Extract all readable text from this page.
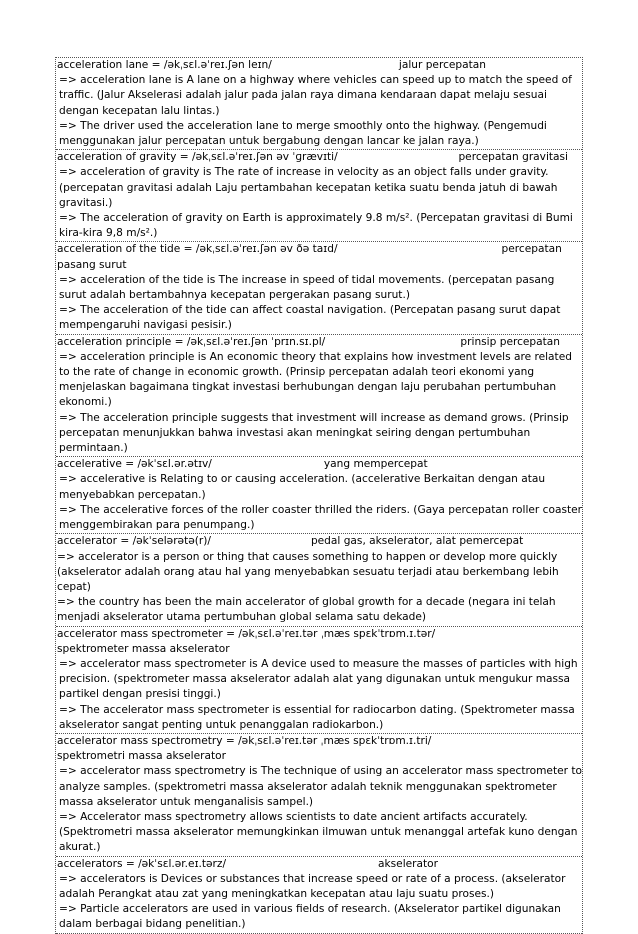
acceleration lane = /əkˌsɛl.əˈreɪ.ʃən leɪn/	jalur percepatan

=> acceleration lane is A lane on a highway where vehicles can speed up to match the speed of traffic. (Jalur Akselerasi adalah jalur pada jalan raya dimana kendaraan dapat melaju sesuai dengan kecepatan lalu lintas.)

=> The driver used the acceleration lane to merge smoothly onto the highway. (Pengemudi menggunakan jalur percepatan untuk bergabung dengan lancar ke jalan raya.)

acceleration of gravity = /əkˌsɛl.əˈreɪ.ʃən əv ˈɡrævɪti/	percepatan gravitasi

=> acceleration of gravity is The rate of increase in velocity as an object falls under gravity. (percepatan gravitasi adalah Laju pertambahan kecepatan ketika suatu benda jatuh di bawah gravitasi.)

=> The acceleration of gravity on Earth is approximately 9.8 m/s². (Percepatan gravitasi di Bumi kira-kira 9,8 m/s².)

acceleration of the tide = /əkˌsɛl.əˈreɪ.ʃən əv ðə taɪd/	percepatan pasang surut

=> acceleration of the tide is The increase in speed of tidal movements. (percepatan pasang surut adalah bertambahnya kecepatan pergerakan pasang surut.)

=> The acceleration of the tide can affect coastal navigation. (Percepatan pasang surut dapat mempengaruhi navigasi pesisir.)

acceleration principle = /əkˌsɛl.əˈreɪ.ʃən ˈprɪn.sɪ.pl/	prinsip percepatan

=> acceleration principle is An economic theory that explains how investment levels are related to the rate of change in economic growth. (Prinsip percepatan adalah teori ekonomi yang menjelaskan bagaimana tingkat investasi berhubungan dengan laju perubahan pertumbuhan ekonomi.)

=> The acceleration principle suggests that investment will increase as demand grows. (Prinsip percepatan menunjukkan bahwa investasi akan meningkat seiring dengan pertumbuhan permintaan.)

accelerative = /əkˈsɛl.ər.ətɪv/	yang mempercepat

=> accelerative is Relating to or causing acceleration. (accelerative Berkaitan dengan atau menyebabkan percepatan.)

=> The accelerative forces of the roller coaster thrilled the riders. (Gaya percepatan roller coaster menggembirakan para penumpang.)

accelerator = /əkˈselərətə(r)/	pedal gas, akselerator, alat pemercepat

=> accelerator is a person or thing that causes something to happen or develop more quickly (akselerator adalah orang atau hal yang menyebabkan sesuatu terjadi atau berkembang lebih cepat)

=> the country has been the main accelerator of global growth for a decade (negara ini telah menjadi akselerator utama pertumbuhan global selama satu dekade)

accelerator mass spectrometer = /əkˌsɛl.əˈreɪ.tər ˌmæs spɛkˈtrɒm.ɪ.tər/

spektrometer massa akselerator

=> accelerator mass spectrometer is A device used to measure the masses of particles with high precision. (spektrometer massa akselerator adalah alat yang digunakan untuk mengukur massa partikel dengan presisi tinggi.)

=> The accelerator mass spectrometer is essential for radiocarbon dating. (Spektrometer massa akselerator sangat penting untuk penanggalan radiokarbon.)

accelerator mass spectrometry = /əkˌsɛl.əˈreɪ.tər ˌmæs spɛkˈtrɒm.ɪ.tri/

spektrometri massa akselerator

=> accelerator mass spectrometry is The technique of using an accelerator mass spectrometer to analyze samples. (spektrometri massa akselerator adalah teknik menggunakan spektrometer massa akselerator untuk menganalisis sampel.)

=> Accelerator mass spectrometry allows scientists to date ancient artifacts accurately. (Spektrometri massa akselerator memungkinkan ilmuwan untuk menanggal artefak kuno dengan akurat.)

accelerators = /əkˈsɛl.ər.eɪ.tərz/	akselerator

=> accelerators is Devices or substances that increase speed or rate of a process. (akselerator adalah Perangkat atau zat yang meningkatkan kecepatan atau laju suatu proses.)

=> Particle accelerators are used in various fields of research. (Akselerator partikel digunakan dalam berbagai bidang penelitian.)
